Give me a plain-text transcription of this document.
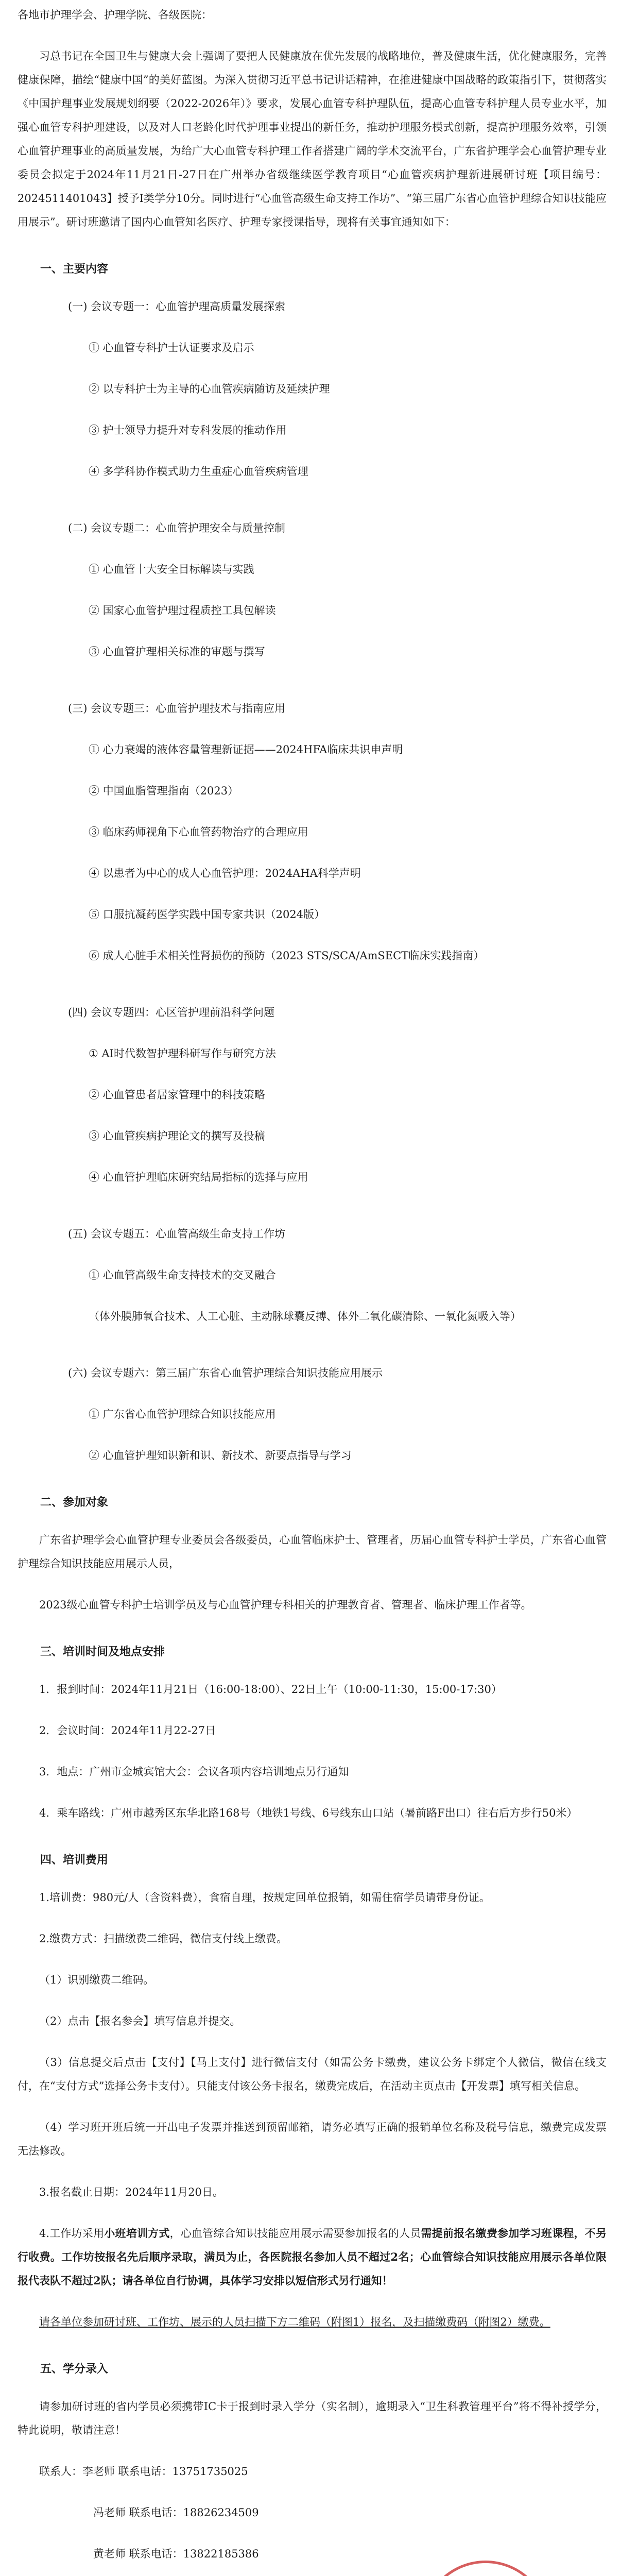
各地市护理学会、护理学院、各级医院：

习总书记在全国卫生与健康大会上强调了要把人民健康放在优先发展的战略地位，普及健康生活，优化健康服务，完善健康保障，描绘“健康中国”的美好蓝图。为深入贯彻习近平总书记讲话精神，在推进健康中国战略的政策指引下，贯彻落实《中国护理事业发展规划纲要（2022-2026年）》要求，发展心血管专科护理队伍，提高心血管专科护理人员专业水平，加强心血管专科护理建设，以及对人口老龄化时代护理事业提出的新任务，推动护理服务模式创新，提高护理服务效率，引领心血管护理事业的高质量发展，为给广大心血管专科护理工作者搭建广阔的学术交流平台，广东省护理学会心血管护理专业委员会拟定于2024年11月21日-27日在广州举办省级继续医学教育项目“心血管疾病护理新进展研讨班【项目编号：2024511401043】授予Ⅰ类学分10分。同时进行“心血管高级生命支持工作坊”、“第三届广东省心血管护理综合知识技能应用展示”。研讨班邀请了国内心血管知名医疗、护理专家授课指导，现将有关事宜通知如下：

一、主要内容

(一) 会议专题一：心血管护理高质量发展探索

① 心血管专科护士认证要求及启示

② 以专科护士为主导的心血管疾病随访及延续护理

③ 护士领导力提升对专科发展的推动作用

④ 多学科协作模式助力生重症心血管疾病管理

(二) 会议专题二：心血管护理安全与质量控制

① 心血管十大安全目标解读与实践

② 国家心血管护理过程质控工具包解读

③ 心血管护理相关标准的审题与撰写

(三) 会议专题三：心血管护理技术与指南应用

① 心力衰竭的液体容量管理新证据——2024HFA临床共识申声明

② 中国血脂管理指南（2023）

③ 临床药师视角下心血管药物治疗的合理应用

④ 以患者为中心的成人心血管护理：2024AHA科学声明

⑤ 口服抗凝药医学实践中国专家共识（2024版）

⑥ 成人心脏手术相关性肾损伤的预防（2023 STS/SCA/AmSECT临床实践指南）

(四) 会议专题四：心区管护理前沿科学问题

① AI时代数智护理科研写作与研究方法

② 心血管患者居家管理中的科技策略

③ 心血管疾病护理论文的撰写及投稿

④ 心血管护理临床研究结局指标的选择与应用

(五) 会议专题五：心血管高级生命支持工作坊

① 心血管高级生命支持技术的交叉融合

（体外膜肺氧合技术、人工心脏、主动脉球囊反搏、体外二氧化碳清除、一氧化氮吸入等）

(六) 会议专题六：第三届广东省心血管护理综合知识技能应用展示

① 广东省心血管护理综合知识技能应用

② 心血管护理知识新和识、新技术、新要点指导与学习

二、参加对象

广东省护理学会心血管护理专业委员会各级委员，心血管临床护士、管理者，历届心血管专科护士学员，广东省心血管护理综合知识技能应用展示人员，

2023级心血管专科护士培训学员及与心血管护理专科相关的护理教育者、管理者、临床护理工作者等。

三、培训时间及地点安排

1．报到时间：2024年11月21日（16:00-18:00）、22日上午（10:00-11:30，15:00-17:30）

2．会议时间：2024年11月22-27日

3．地点：广州市金城宾馆大会：会议各项内容培训地点另行通知

4．乘车路线：广州市越秀区东华北路168号（地铁1号线、6号线东山口站（暑前路F出口）往右后方步行50米）

四、培训费用

1.培训费：980元/人（含资料费），食宿自理，按规定回单位报销，如需住宿学员请带身份证。

2.缴费方式：扫描缴费二维码，微信支付线上缴费。

（1）识别缴费二维码。

（2）点击【报名参会】填写信息并提交。

（3）信息提交后点击【支付】【马上支付】进行微信支付（如需公务卡缴费，建议公务卡绑定个人微信，微信在线支付，在“支付方式”选择公务卡支付）。只能支付该公务卡报名，缴费完成后，在活动主页点击【开发票】填写相关信息。

（4）学习班开班后统一开出电子发票并推送到预留邮箱，请务必填写正确的报销单位名称及税号信息，缴费完成发票无法修改。

3.报名截止日期：2024年11月20日。

4.工作坊采用小班培训方式，心血管综合知识技能应用展示需要参加报名的人员需提前报名缴费参加学习班课程，不另行收费。工作坊按报名先后顺序录取，满员为止，各医院报名参加人员不超过2名；心血管综合知识技能应用展示各单位限报代表队不超过2队；请各单位自行协调，具体学习安排以短信形式另行通知！

请各单位参加研讨班、工作坊、展示的人员扫描下方二维码（附图1）报名，及扫描缴费码（附图2）缴费。

五、学分录入

请参加研讨班的省内学员必须携带IC卡于报到时录入学分（实名制），逾期录入“卫生科教管理平台”将不得补授学分，特此说明，敬请注意！

联系人：李老师 联系电话：13751735025

冯老师 联系电话：18826234509

黄老师 联系电话：13822185386
